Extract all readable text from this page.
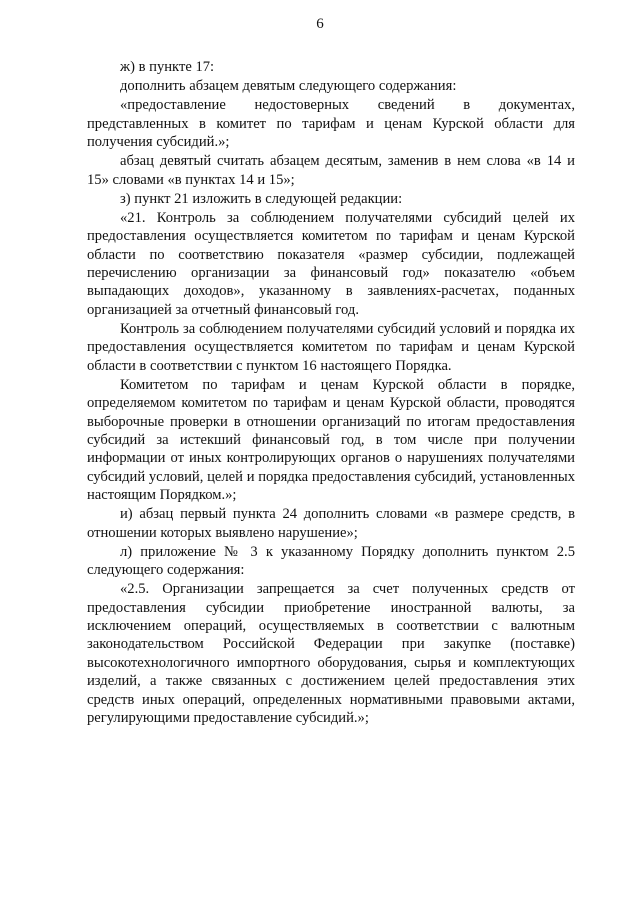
6

ж) в пункте 17:

дополнить абзацем девятым следующего содержания:

«предоставление недостоверных сведений в документах, представленных в комитет по тарифам и ценам Курской области для получения субсидий.»;

абзац девятый считать абзацем десятым, заменив в нем слова «в 14 и 15» словами «в пунктах 14 и 15»;

з) пункт 21 изложить в следующей редакции:

«21. Контроль за соблюдением получателями субсидий целей их предоставления осуществляется комитетом по тарифам и ценам Курской области по соответствию показателя «размер субсидии, подлежащей перечислению организации за финансовый год» показателю «объем выпадающих доходов», указанному в заявлениях-расчетах, поданных организацией за отчетный финансовый год.

Контроль за соблюдением получателями субсидий условий и порядка их предоставления осуществляется комитетом по тарифам и ценам Курской области в соответствии с пунктом 16 настоящего Порядка.

Комитетом по тарифам и ценам Курской области в порядке, определяемом комитетом по тарифам и ценам Курской области, проводятся выборочные проверки в отношении организаций по итогам предоставления субсидий за истекший финансовый год, в том числе при получении информации от иных контролирующих органов о нарушениях получателями субсидий условий, целей и порядка предоставления субсидий, установленных настоящим Порядком.»;

и) абзац первый пункта 24 дополнить словами «в размере средств, в отношении которых выявлено нарушение»;

л) приложение № 3 к указанному Порядку дополнить пунктом 2.5 следующего содержания:

«2.5. Организации запрещается за счет полученных средств от предоставления субсидии приобретение иностранной валюты, за исключением операций, осуществляемых в соответствии с валютным законодательством Российской Федерации при закупке (поставке) высокотехнологичного импортного оборудования, сырья и комплектующих изделий, а также связанных с достижением целей предоставления этих средств иных операций, определенных нормативными правовыми актами, регулирующими предоставление субсидий.»;
